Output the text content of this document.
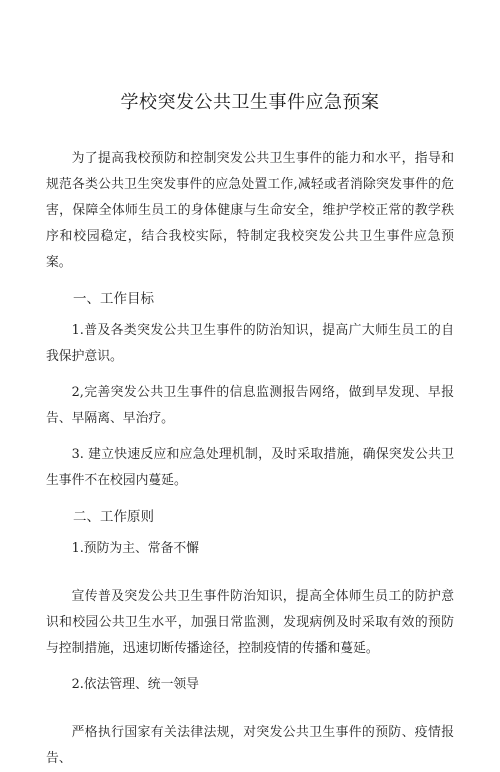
学校突发公共卫生事件应急预案

为了提高我校预防和控制突发公共卫生事件的能力和水平，指导和规范各类公共卫生突发事件的应急处置工作,减轻或者消除突发事件的危害，保障全体师生员工的身体健康与生命安全，维护学校正常的教学秩序和校园稳定，结合我校实际，特制定我校突发公共卫生事件应急预案。

一、工作目标

1.普及各类突发公共卫生事件的防治知识，提高广大师生员工的自我保护意识。

2,完善突发公共卫生事件的信息监测报告网络，做到早发现、早报告、早隔离、早治疗。

3. 建立快速反应和应急处理机制，及时采取措施，确保突发公共卫生事件不在校园内蔓延。

二、工作原则

1.预防为主、常备不懈

宣传普及突发公共卫生事件防治知识，提高全体师生员工的防护意识和校园公共卫生水平，加强日常监测，发现病例及时采取有效的预防与控制措施，迅速切断传播途径，控制疫情的传播和蔓延。

2.依法管理、统一领导

严格执行国家有关法律法规，对突发公共卫生事件的预防、疫情报告、
